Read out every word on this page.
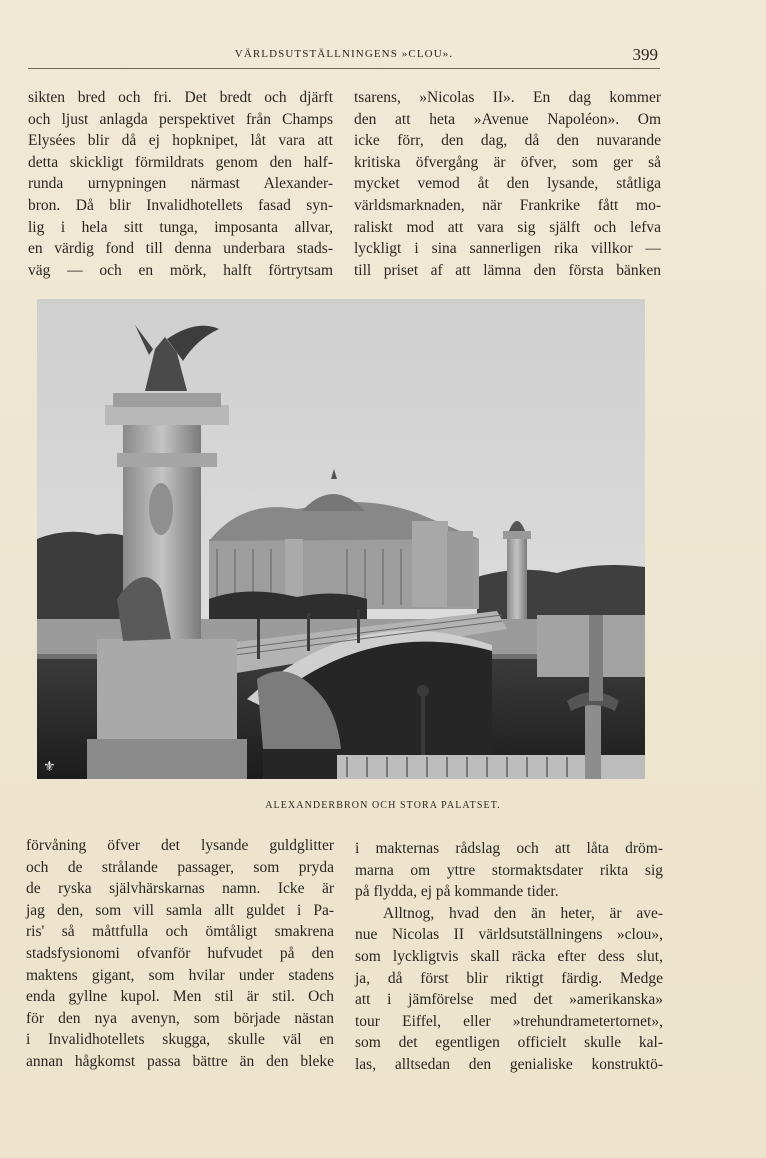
VÄRLDSUTSTÄLLNINGENS »CLOU».	399
sikten bred och fri. Det bredt och djärft
och ljust anlagda perspektivet från Champs
Elysées blir då ej hopknipet, låt vara att
detta skickligt förmildrats genom den half-
runda urnypningen närmast Alexander-
bron. Då blir Invalidhotellets fasad syn-
lig i hela sitt tunga, imposanta allvar,
en värdig fond till denna underbara stads-
väg — och en mörk, halft förtrytsam
tsarens, »Nicolas II». En dag kommer
den att heta »Avenue Napoléon». Om
icke förr, den dag, då den nuvarande
kritiska öfvergång är öfver, som ger så
mycket vemod åt den lysande, ståtliga
världsmarknaden, när Frankrike fått mo-
raliskt mod att vara sig själft och lefva
lyckligt i sina sannerligen rika villkor —
till priset af att lämna den första bänken
⚜
ALEXANDERBRON OCH STORA PALATSET.
förvåning öfver det lysande guldglitter
och de strålande passager, som pryda
de ryska självhärskarnas namn. Icke är
jag den, som vill samla allt guldet i Pa-
ris' så måttfulla och ömtåligt smakrena
stadsfysionomi ofvanför hufvudet på den
maktens gigant, som hvilar under stadens
enda gyllne kupol. Men stil är stil. Och
för den nya avenyn, som började nästan
i Invalidhotellets skugga, skulle väl en
annan hågkomst passa bättre än den bleke
i makternas rådslag och att låta dröm-
marna om yttre stormaktsdater rikta sig
på flydda, ej på kommande tider.
Alltnog, hvad den än heter, är ave-
nue Nicolas II världsutställningens »clou»,
som lyckligtvis skall räcka efter dess slut,
ja, då först blir riktigt färdig. Medge
att i jämförelse med det »amerikanska»
tour Eiffel, eller »trehundrametertornet»,
som det egentligen officielt skulle kal-
las, alltsedan den genialiske konstruktö-
